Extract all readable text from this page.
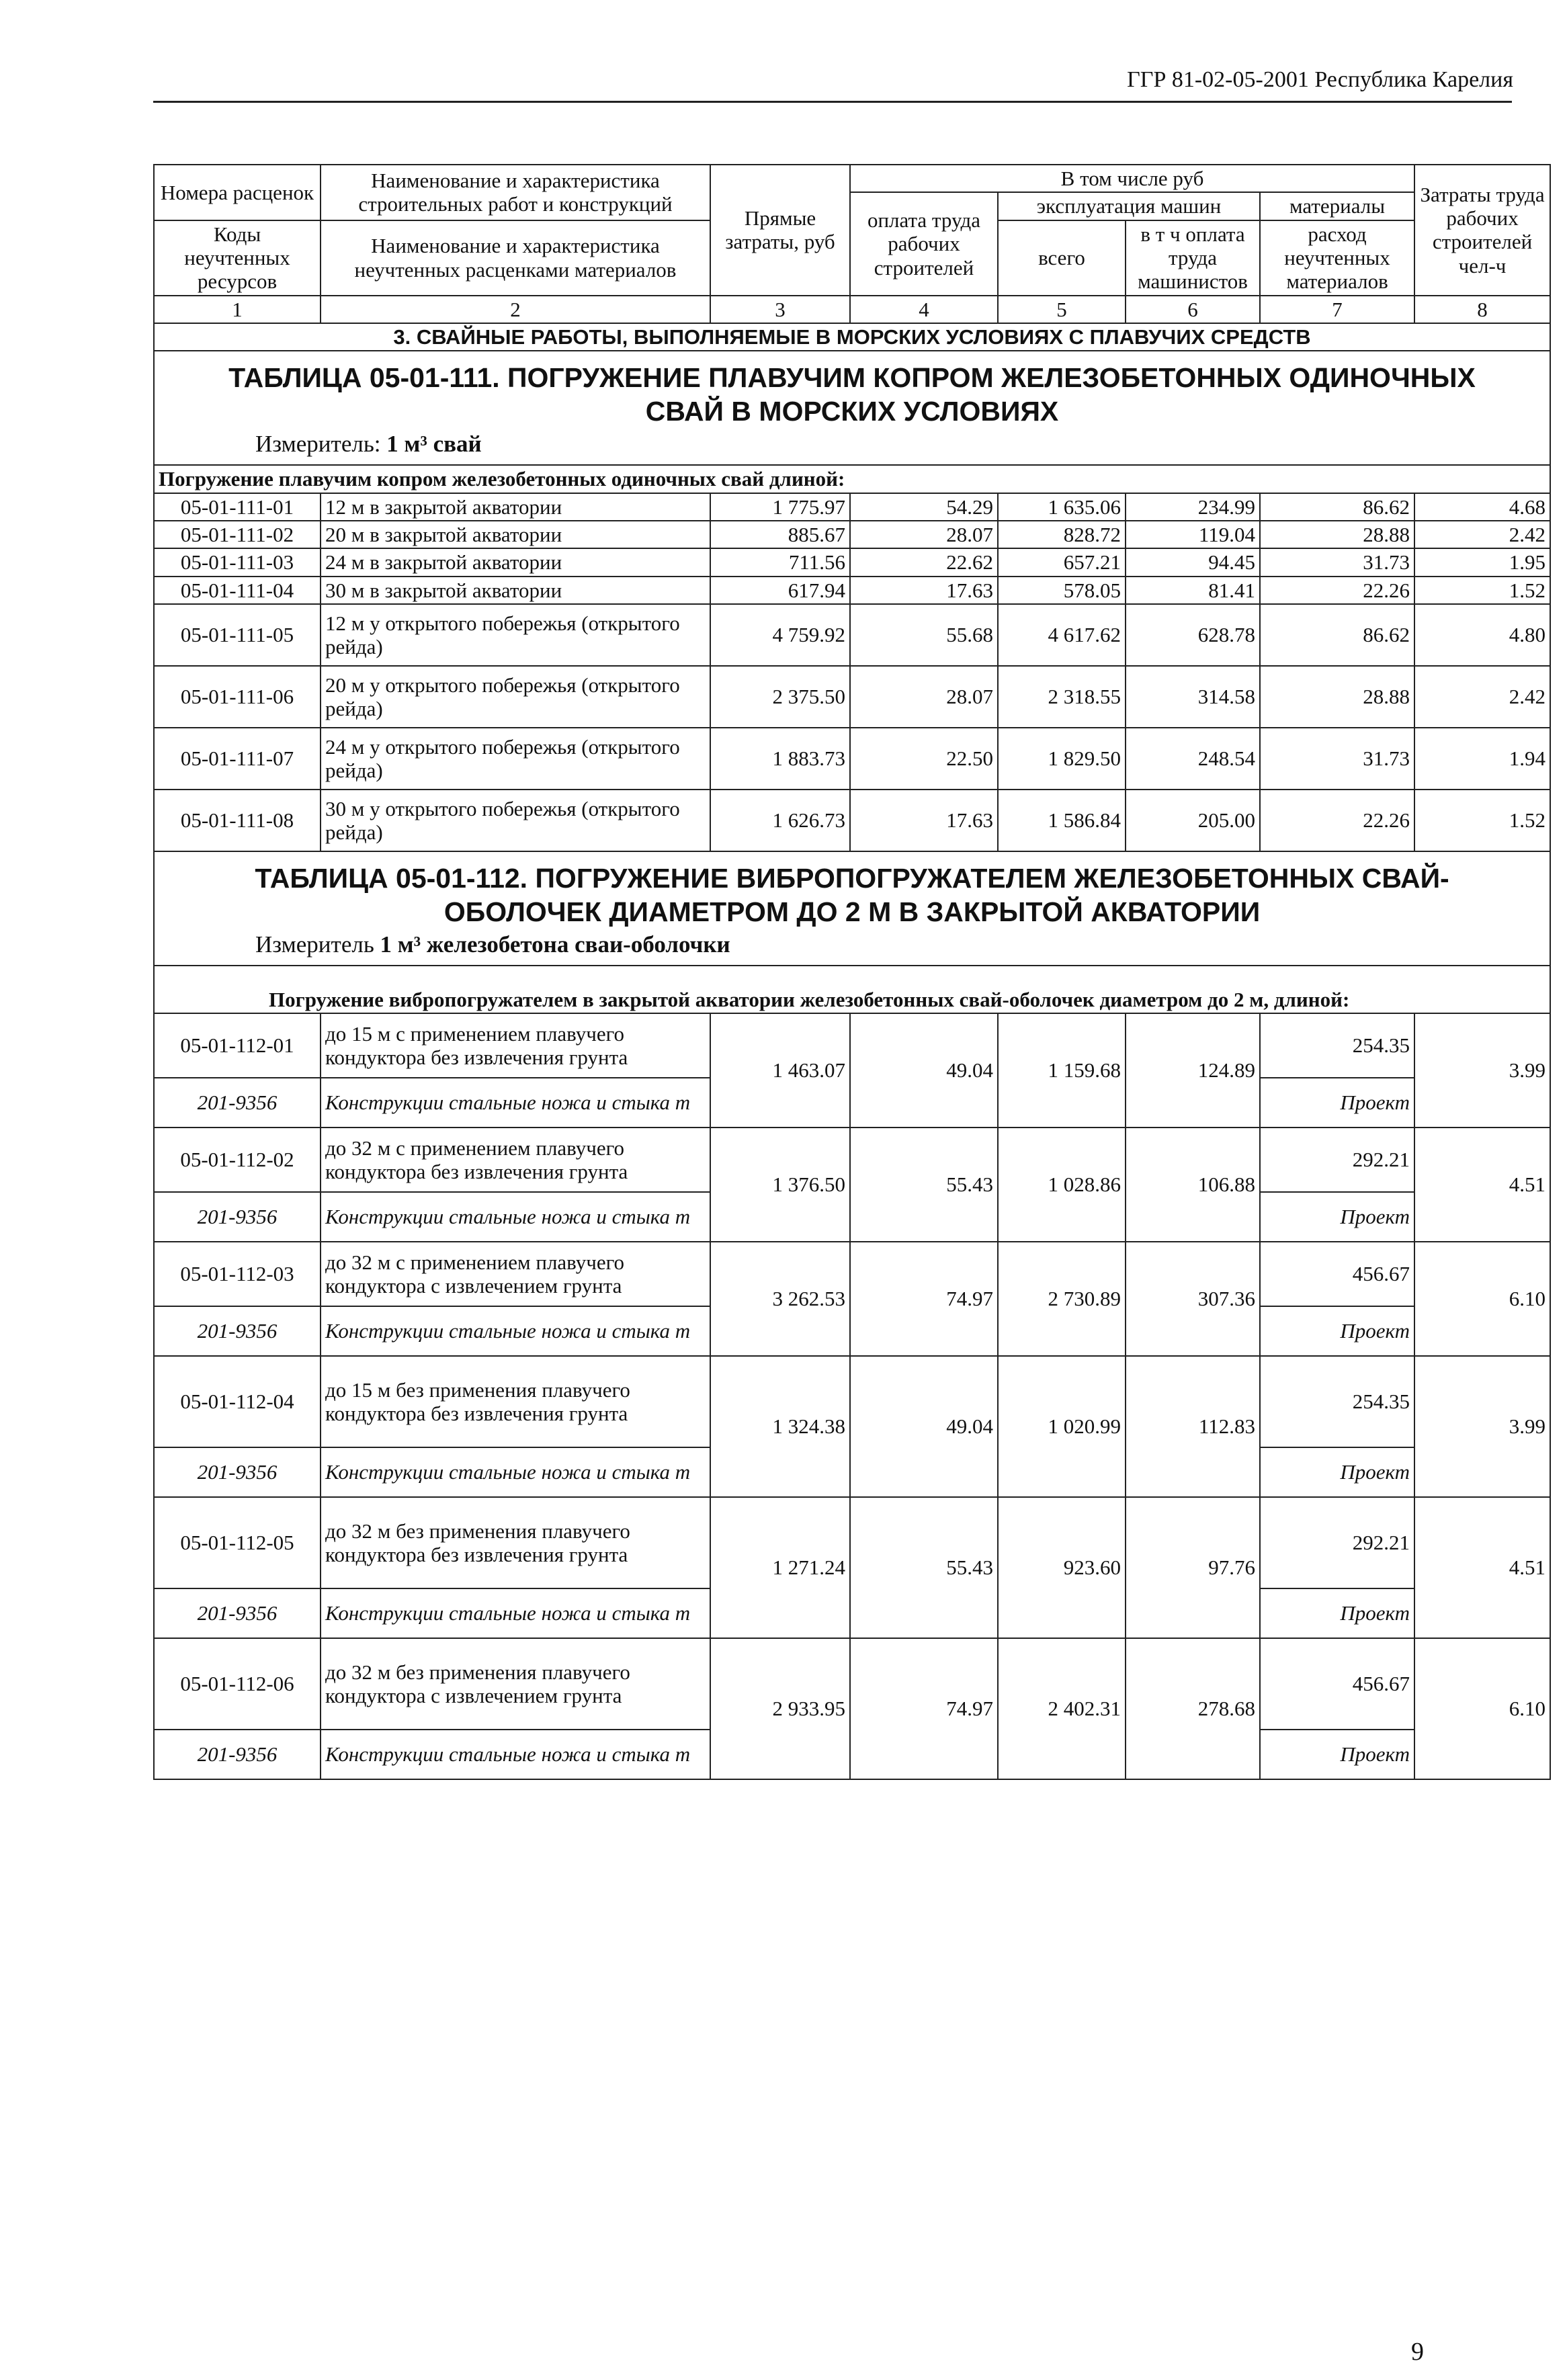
ГГР 81-02-05-2001 Республика Карелия
Номера расценок	Наименование и характеристика строительных работ и конструкций	Прямые затраты, руб	В том числе руб				Затраты труда рабочих строителей чел-ч
			оплата труда рабочих строителей	эксплуатация машин		материалы	
Коды неучтенных ресурсов	Наименование и характеристика неучтенных расценками материалов			всего	в т ч оплата труда машинистов	расход неучтенных материалов	

1	2	3	4	5	6	7	8
3. СВАЙНЫЕ РАБОТЫ, ВЫПОЛНЯЕМЫЕ В МОРСКИХ УСЛОВИЯХ С ПЛАВУЧИХ СРЕДСТВ							

ТАБЛИЦА 05-01-111. ПОГРУЖЕНИЕ ПЛАВУЧИМ КОПРОМ ЖЕЛЕЗОБЕТОННЫХ ОДИНОЧНЫХ
СВАЙ В МОРСКИХ УСЛОВИЯХ
Измеритель: 1 м³ свай							

Погружение плавучим копром железобетонных одиночных свай длиной:							
05-01-111-01	12 м в закрытой акватории	1 775.97	54.29	1 635.06	234.99	86.62	4.68
05-01-111-02	20 м в закрытой акватории	885.67	28.07	828.72	119.04	28.88	2.42
05-01-111-03	24 м в закрытой акватории	711.56	22.62	657.21	94.45	31.73	1.95
05-01-111-04	30 м в закрытой акватории	617.94	17.63	578.05	81.41	22.26	1.52
05-01-111-05	12 м у открытого побережья (открытого рейда)	4 759.92	55.68	4 617.62	628.78	86.62	4.80
05-01-111-06	20 м у открытого побережья (открытого рейда)	2 375.50	28.07	2 318.55	314.58	28.88	2.42
05-01-111-07	24 м у открытого побережья (открытого рейда)	1 883.73	22.50	1 829.50	248.54	31.73	1.94
05-01-111-08	30 м у открытого побережья (открытого рейда)	1 626.73	17.63	1 586.84	205.00	22.26	1.52

ТАБЛИЦА 05-01-112. ПОГРУЖЕНИЕ ВИБРОПОГРУЖАТЕЛЕМ ЖЕЛЕЗОБЕТОННЫХ СВАЙ-
ОБОЛОЧЕК ДИАМЕТРОМ ДО 2 М В ЗАКРЫТОЙ АКВАТОРИИ
Измеритель 1 м³ железобетона сваи-оболочки							

Погружение вибропогружателем в закрытой акватории железобетонных свай-оболочек диаметром до 2 м, длиной:							
05-01-112-01	до 15 м с применением плавучего кондуктора без извлечения грунта	1 463.07	49.04	1 159.68	124.89	254.35	3.99
201-9356	Конструкции стальные ножа и стыка т					Проект	
05-01-112-02	до 32 м с применением плавучего кондуктора без извлечения грунта	1 376.50	55.43	1 028.86	106.88	292.21	4.51
201-9356	Конструкции стальные ножа и стыка т					Проект	
05-01-112-03	до 32 м с применением плавучего кондуктора с извлечением грунта	3 262.53	74.97	2 730.89	307.36	456.67	6.10
201-9356	Конструкции стальные ножа и стыка т					Проект	
05-01-112-04	до 15 м без применения плавучего кондуктора без извлечения грунта	1 324.38	49.04	1 020.99	112.83	254.35	3.99
201-9356	Конструкции стальные ножа и стыка т					Проект	
05-01-112-05	до 32 м без применения плавучего кондуктора без извлечения грунта	1 271.24	55.43	923.60	97.76	292.21	4.51
201-9356	Конструкции стальные ножа и стыка т					Проект	
05-01-112-06	до 32 м без применения плавучего кондуктора с извлечением грунта	2 933.95	74.97	2 402.31	278.68	456.67	6.10
201-9356	Конструкции стальные ножа и стыка т					Проект	
9
